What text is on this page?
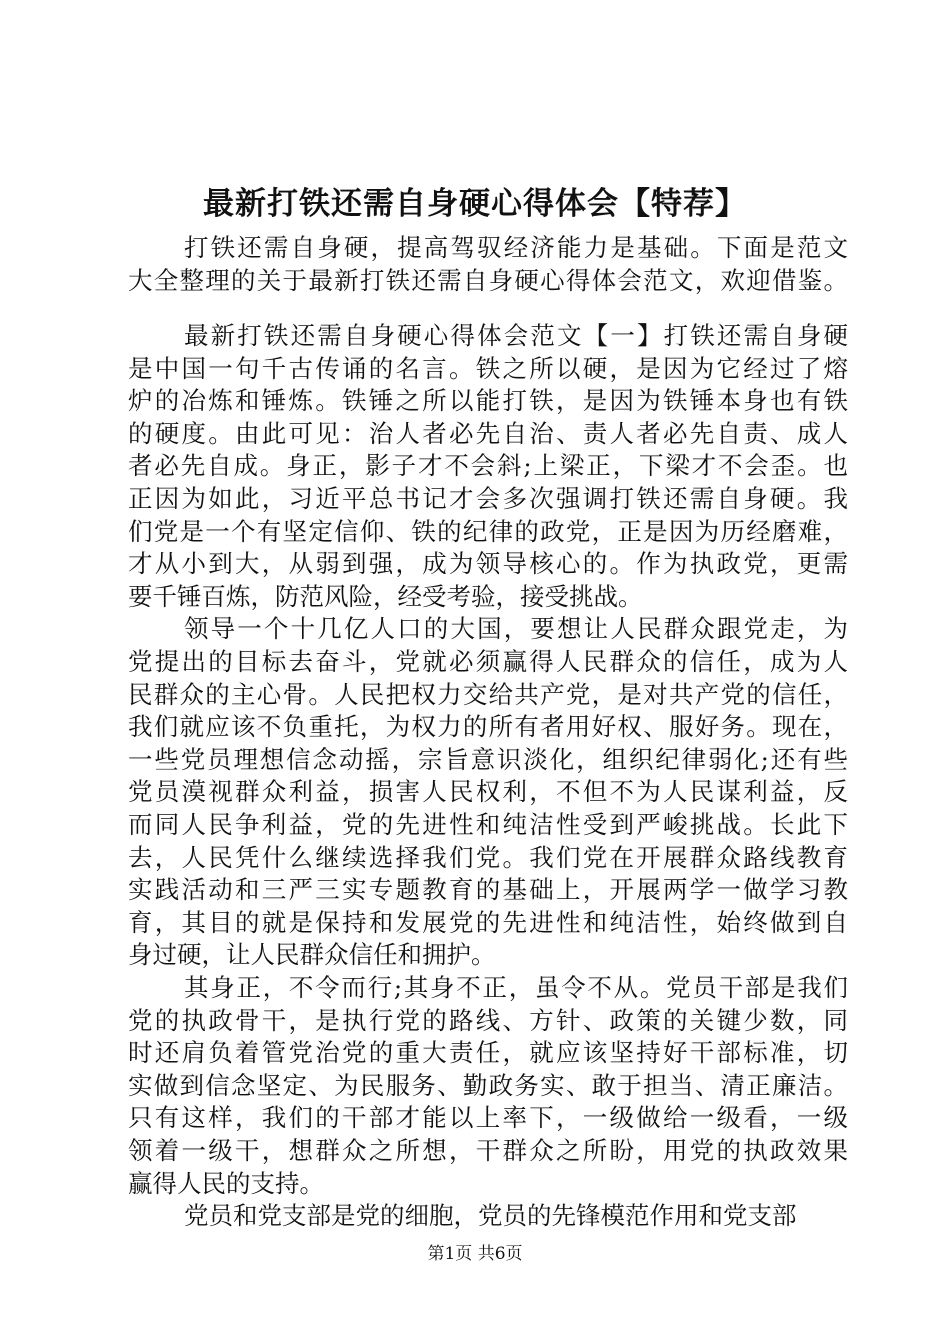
最新打铁还需自身硬心得体会【特荐】
打铁还需自身硬，提高驾驭经济能力是基础。下面是范文
大全整理的关于最新打铁还需自身硬心得体会范文，欢迎借鉴。
最新打铁还需自身硬心得体会范文【一】打铁还需自身硬
是中国一句千古传诵的名言。铁之所以硬，是因为它经过了熔
炉的冶炼和锤炼。铁锤之所以能打铁，是因为铁锤本身也有铁
的硬度。由此可见：治人者必先自治、责人者必先自责、成人
者必先自成。身正，影子才不会斜;上梁正，下梁才不会歪。也
正因为如此，习近平总书记才会多次强调打铁还需自身硬。我
们党是一个有坚定信仰、铁的纪律的政党，正是因为历经磨难，
才从小到大，从弱到强，成为领导核心的。作为执政党，更需
要千锤百炼，防范风险，经受考验，接受挑战。
领导一个十几亿人口的大国，要想让人民群众跟党走，为
党提出的目标去奋斗，党就必须赢得人民群众的信任，成为人
民群众的主心骨。人民把权力交给共产党，是对共产党的信任，
我们就应该不负重托，为权力的所有者用好权、服好务。现在，
一些党员理想信念动摇，宗旨意识淡化，组织纪律弱化;还有些
党员漠视群众利益，损害人民权利，不但不为人民谋利益，反
而同人民争利益，党的先进性和纯洁性受到严峻挑战。长此下
去，人民凭什么继续选择我们党。我们党在开展群众路线教育
实践活动和三严三实专题教育的基础上，开展两学一做学习教
育，其目的就是保持和发展党的先进性和纯洁性，始终做到自
身过硬，让人民群众信任和拥护。
其身正，不令而行;其身不正，虽令不从。党员干部是我们
党的执政骨干，是执行党的路线、方针、政策的关键少数，同
时还肩负着管党治党的重大责任，就应该坚持好干部标准，切
实做到信念坚定、为民服务、勤政务实、敢于担当、清正廉洁。
只有这样，我们的干部才能以上率下，一级做给一级看，一级
领着一级干，想群众之所想，干群众之所盼，用党的执政效果
赢得人民的支持。
党员和党支部是党的细胞，党员的先锋模范作用和党支部
第1页 共6页
